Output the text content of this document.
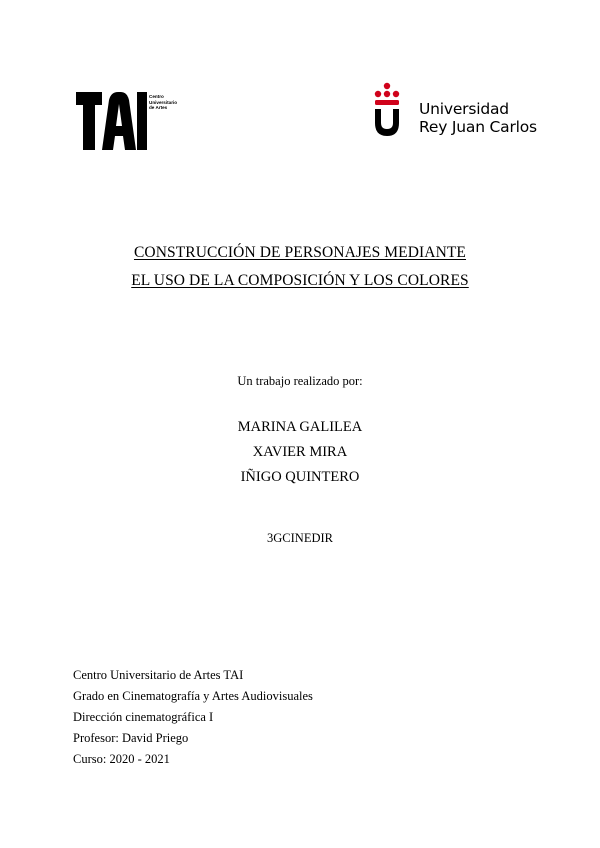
Centro
Universitario
de Artes	Universidad
Rey Juan Carlos
CONSTRUCCIÓN DE PERSONAJES MEDIANTE
EL USO DE LA COMPOSICIÓN Y LOS COLORES
Un trabajo realizado por:
MARINA GALILEA
XAVIER MIRA
IÑIGO QUINTERO
3GCINEDIR
Centro Universitario de Artes TAI
Grado en Cinematografía y Artes Audiovisuales
Dirección cinematográfica I
Profesor: David Priego
Curso: 2020 - 2021
